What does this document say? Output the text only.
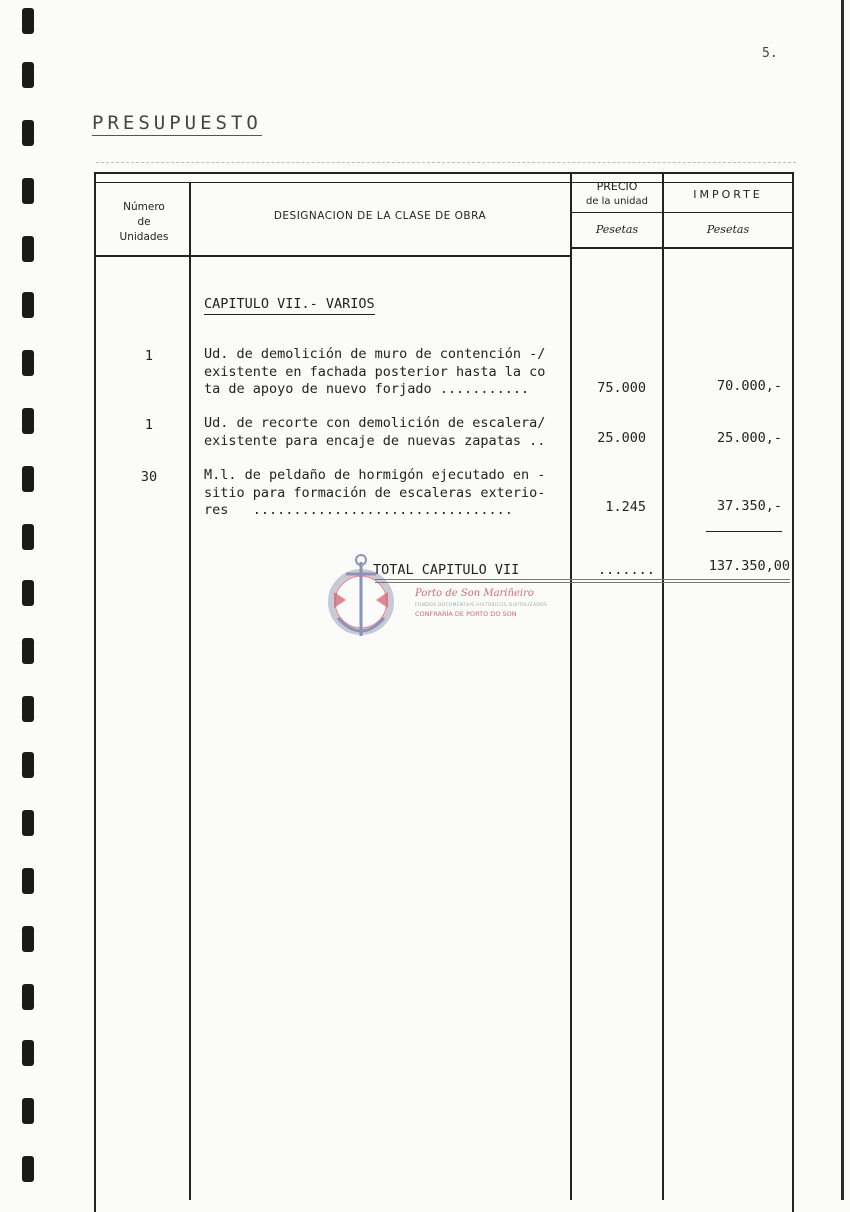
5.
PRESUPUESTO
Número
de
Unidades
DESIGNACION DE LA CLASE DE OBRA
PRECIO
de la unidad
Pesetas
IMPORTE
Pesetas
CAPITULO VII.- VARIOS
1	Ud. de demolición de muro de contención -/
existente en fachada posterior hasta la co
ta de apoyo de nuevo forjado ...........	75.000	70.000,-
1	Ud. de recorte con demolición de escalera/
existente para encaje de nuevas zapatas ..	25.000	25.000,-
30	M.l. de peldaño de hormigón ejecutado en -
sitio para formación de escaleras exterio-
res   ................................	1.245	37.350,-
Porto de Son Mariñeiro
FONDOS DOCUMENTAIS HISTÓRICOS DIXITALIZADOS
CONFRARÍA DE PORTO DO SON
TOTAL CAPITULO VII	.......	137.350,00
